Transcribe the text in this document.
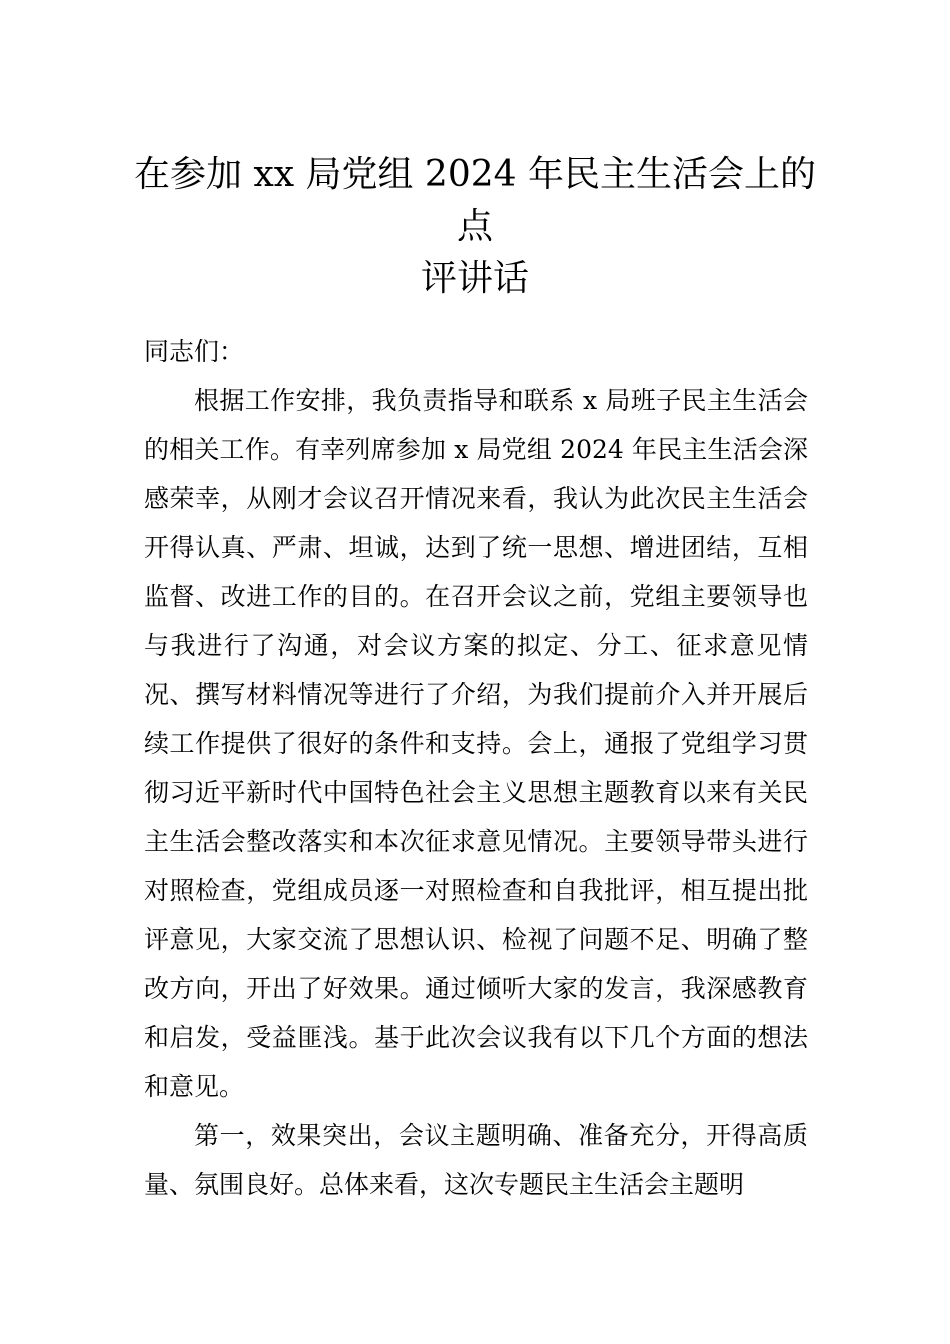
在参加 xx 局党组 2024 年民主生活会上的点
评讲话

同志们：

根据工作安排，我负责指导和联系 x 局班子民主生活会的相关工作。有幸列席参加 x 局党组 2024 年民主生活会深感荣幸，从刚才会议召开情况来看，我认为此次民主生活会开得认真、严肃、坦诚，达到了统一思想、增进团结，互相监督、改进工作的目的。在召开会议之前，党组主要领导也与我进行了沟通，对会议方案的拟定、分工、征求意见情况、撰写材料情况等进行了介绍，为我们提前介入并开展后续工作提供了很好的条件和支持。会上，通报了党组学习贯彻习近平新时代中国特色社会主义思想主题教育以来有关民主生活会整改落实和本次征求意见情况。主要领导带头进行对照检查，党组成员逐一对照检查和自我批评，相互提出批评意见，大家交流了思想认识、检视了问题不足、明确了整改方向，开出了好效果。通过倾听大家的发言，我深感教育和启发，受益匪浅。基于此次会议我有以下几个方面的想法和意见。

第一，效果突出，会议主题明确、准备充分，开得高质量、氛围良好。总体来看，这次专题民主生活会主题明
